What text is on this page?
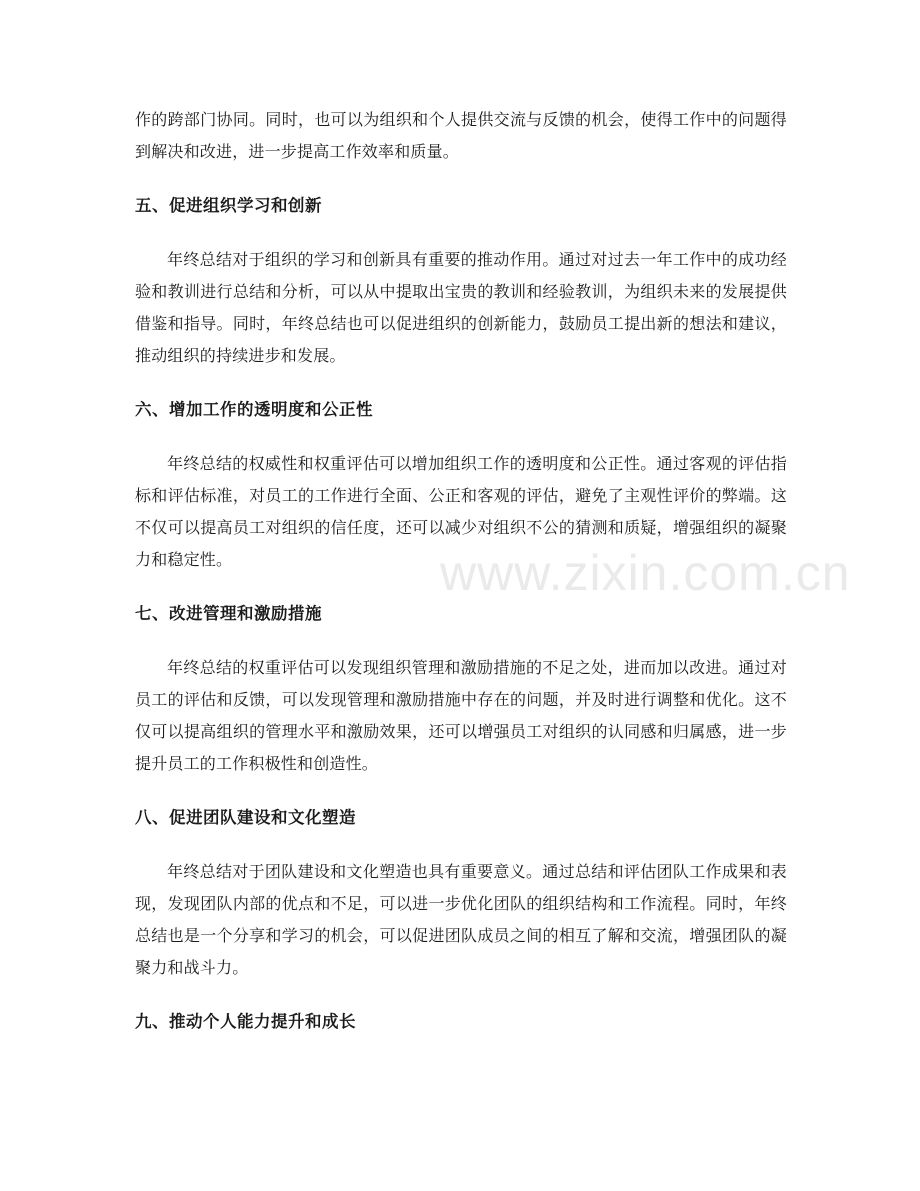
作的跨部门协同。同时，也可以为组织和个人提供交流与反馈的机会，使得工作中的问题得到解决和改进，进一步提高工作效率和质量。

五、促进组织学习和创新

年终总结对于组织的学习和创新具有重要的推动作用。通过对过去一年工作中的成功经验和教训进行总结和分析，可以从中提取出宝贵的教训和经验教训，为组织未来的发展提供借鉴和指导。同时，年终总结也可以促进组织的创新能力，鼓励员工提出新的想法和建议，推动组织的持续进步和发展。

六、增加工作的透明度和公正性

年终总结的权威性和权重评估可以增加组织工作的透明度和公正性。通过客观的评估指标和评估标准，对员工的工作进行全面、公正和客观的评估，避免了主观性评价的弊端。这不仅可以提高员工对组织的信任度，还可以减少对组织不公的猜测和质疑，增强组织的凝聚力和稳定性。

七、改进管理和激励措施

年终总结的权重评估可以发现组织管理和激励措施的不足之处，进而加以改进。通过对员工的评估和反馈，可以发现管理和激励措施中存在的问题，并及时进行调整和优化。这不仅可以提高组织的管理水平和激励效果，还可以增强员工对组织的认同感和归属感，进一步提升员工的工作积极性和创造性。

八、促进团队建设和文化塑造

年终总结对于团队建设和文化塑造也具有重要意义。通过总结和评估团队工作成果和表现，发现团队内部的优点和不足，可以进一步优化团队的组织结构和工作流程。同时，年终总结也是一个分享和学习的机会，可以促进团队成员之间的相互了解和交流，增强团队的凝聚力和战斗力。

九、推动个人能力提升和成长
www.zixin.com.cn
